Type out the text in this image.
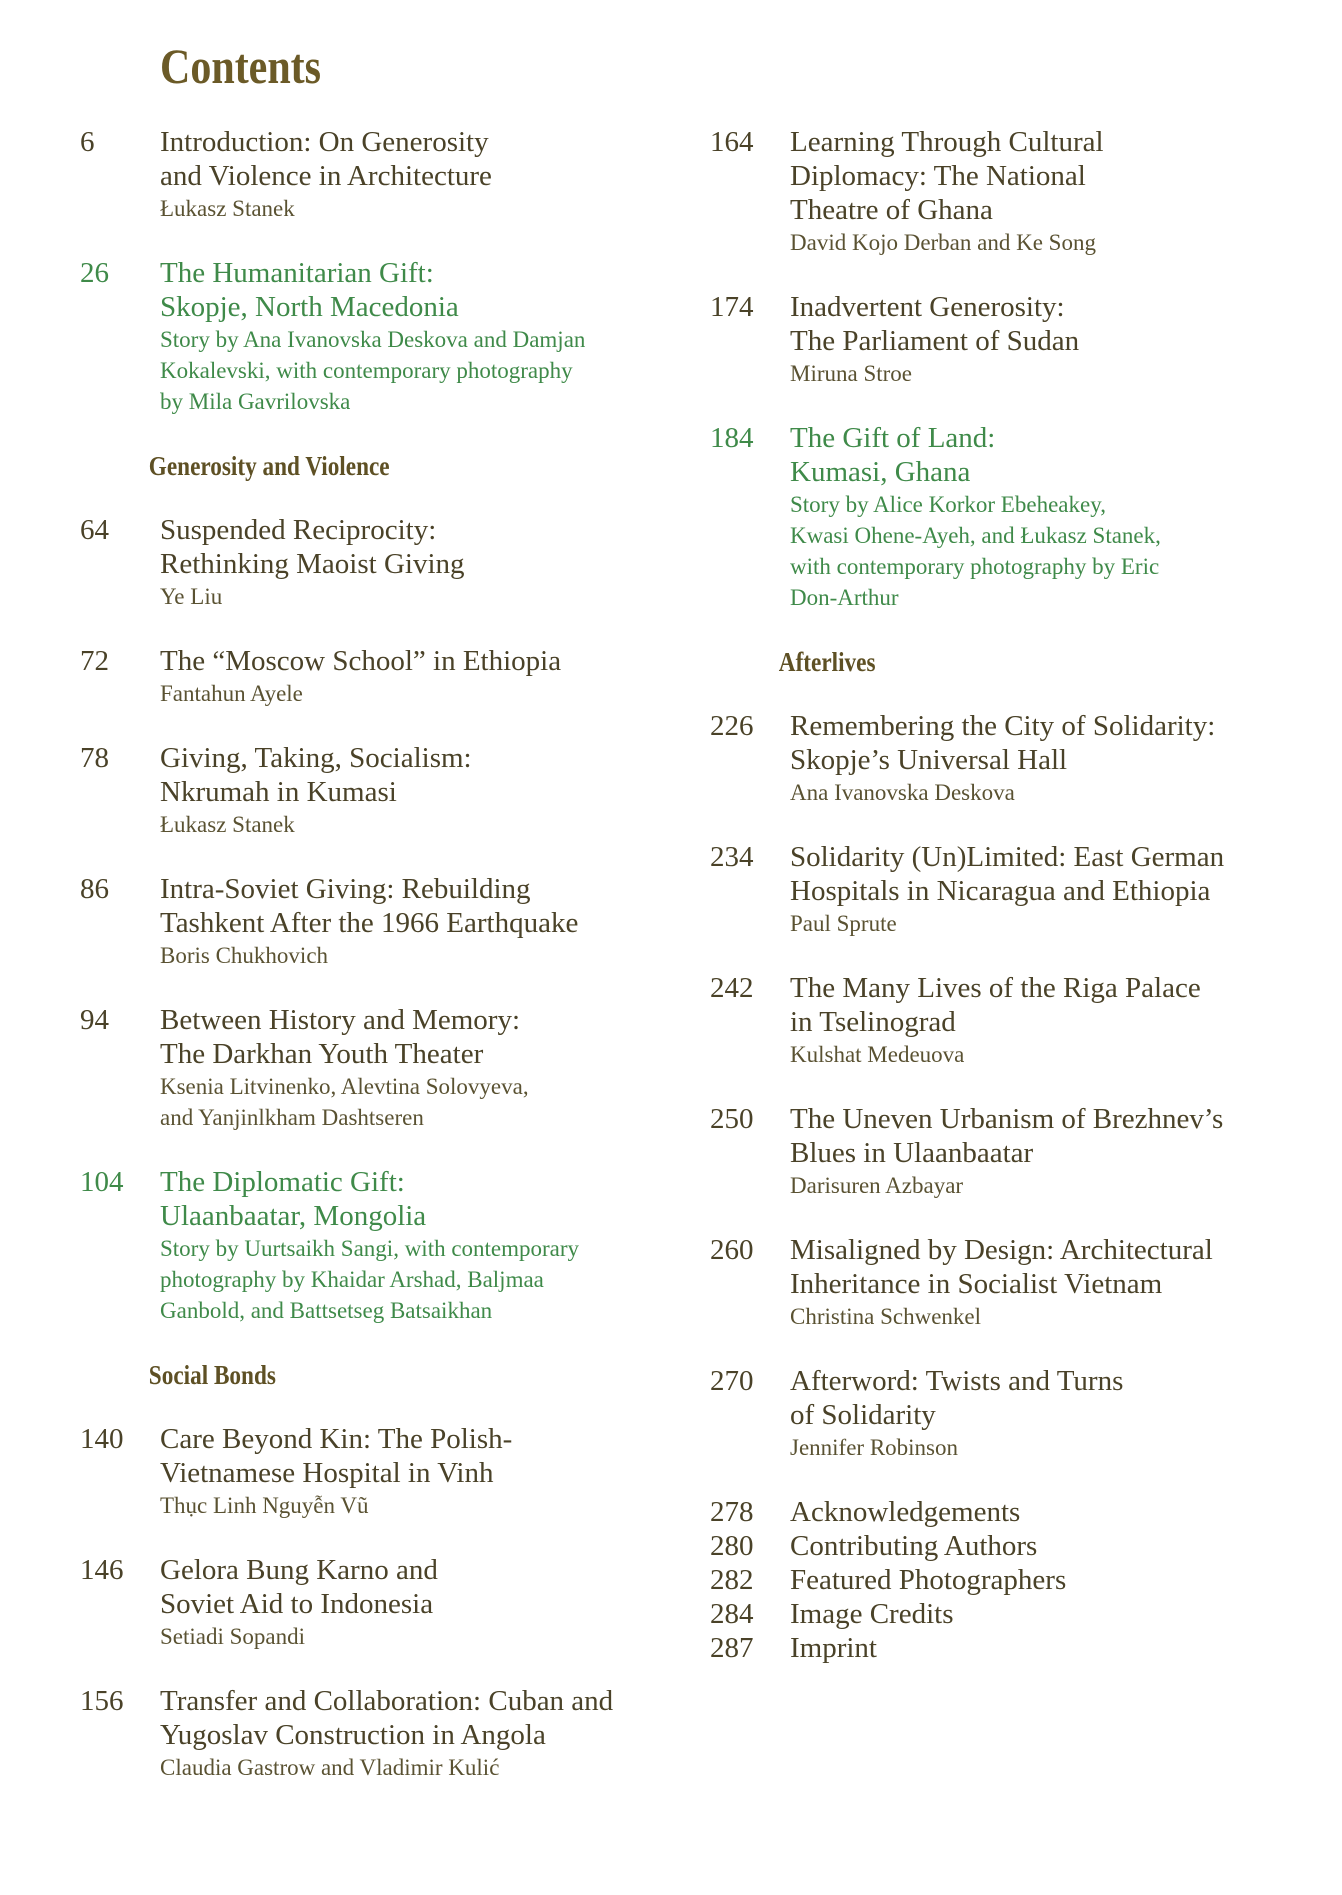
Contents
6 Introduction: On Generosity
and Violence in Architecture
Łukasz Stanek
26 The Humanitarian Gift:
Skopje, North Macedonia
Story by Ana Ivanovska Deskova and Damjan
Kokalevski, with contemporary photography
by Mila Gavrilovska
Generosity and Violence
64 Suspended Reciprocity:
Rethinking Maoist Giving
Ye Liu
72 The “Moscow School” in Ethiopia
Fantahun Ayele
78 Giving, Taking, Socialism:
Nkrumah in Kumasi
Łukasz Stanek
86 Intra-Soviet Giving: Rebuilding
Tashkent After the 1966 Earthquake
Boris Chukhovich
94 Between History and Memory:
The Darkhan Youth Theater
Ksenia Litvinenko, Alevtina Solovyeva,
and Yanjinlkham Dashtseren
104 The Diplomatic Gift:
Ulaanbaatar, Mongolia
Story by Uurtsaikh Sangi, with contemporary
photography by Khaidar Arshad, Baljmaa
Ganbold, and Battsetseg Batsaikhan
Social Bonds
140 Care Beyond Kin: The Polish-
Vietnamese Hospital in Vinh
Thục Linh Nguyễn Vũ
146 Gelora Bung Karno and
Soviet Aid to Indonesia
Setiadi Sopandi
156 Transfer and Collaboration: Cuban and
Yugoslav Construction in Angola
Claudia Gastrow and Vladimir Kulić
164 Learning Through Cultural
Diplomacy: The National
Theatre of Ghana
David Kojo Derban and Ke Song
174 Inadvertent Generosity:
The Parliament of Sudan
Miruna Stroe
184 The Gift of Land:
Kumasi, Ghana
Story by Alice Korkor Ebeheakey,
Kwasi Ohene-Ayeh, and Łukasz Stanek,
with contemporary photography by Eric
Don-Arthur
Afterlives
226 Remembering the City of Solidarity:
Skopje’s Universal Hall
Ana Ivanovska Deskova
234 Solidarity (Un)Limited: East German
Hospitals in Nicaragua and Ethiopia
Paul Sprute
242 The Many Lives of the Riga Palace
in Tselinograd
Kulshat Medeuova
250 The Uneven Urbanism of Brezhnev’s
Blues in Ulaanbaatar
Darisuren Azbayar
260 Misaligned by Design: Architectural
Inheritance in Socialist Vietnam
Christina Schwenkel
270 Afterword: Twists and Turns
of Solidarity
Jennifer Robinson
278 Acknowledgements
280 Contributing Authors
282 Featured Photographers
284 Image Credits
287 Imprint
